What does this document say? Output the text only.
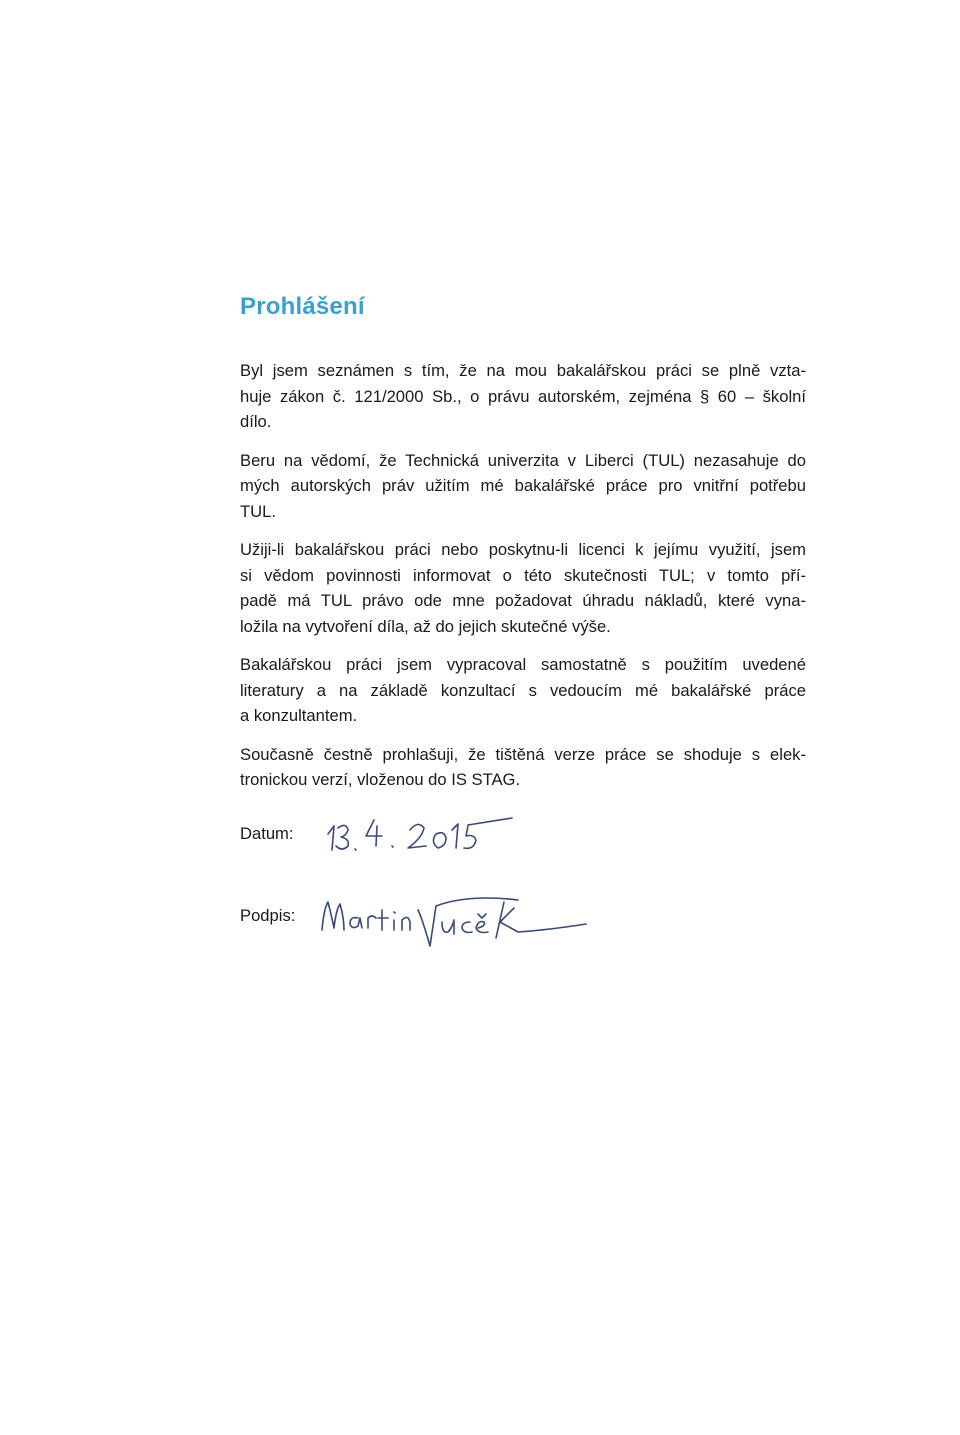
Prohlášení

Byl jsem seznámen s tím, že na mou bakalářskou práci se plně vzta-
huje zákon č. 121/2000 Sb., o právu autorském, zejména § 60 – školní
dílo.

Beru na vědomí, že Technická univerzita v Liberci (TUL) nezasahuje do
mých autorských práv užitím mé bakalářské práce pro vnitřní potřebu
TUL.

Užiji-li bakalářskou práci nebo poskytnu-li licenci k jejímu využití, jsem
si vědom povinnosti informovat o této skutečnosti TUL; v tomto pří-
padě má TUL právo ode mne požadovat úhradu nákladů, které vyna-
ložila na vytvoření díla, až do jejich skutečné výše.

Bakalářskou práci jsem vypracoval samostatně s použitím uvedené
literatury a na základě konzultací s vedoucím mé bakalářské práce
a konzultantem.

Současně čestně prohlašuji, že tištěná verze práce se shoduje s elek-
tronickou verzí, vloženou do IS STAG.

Datum:
Podpis:
